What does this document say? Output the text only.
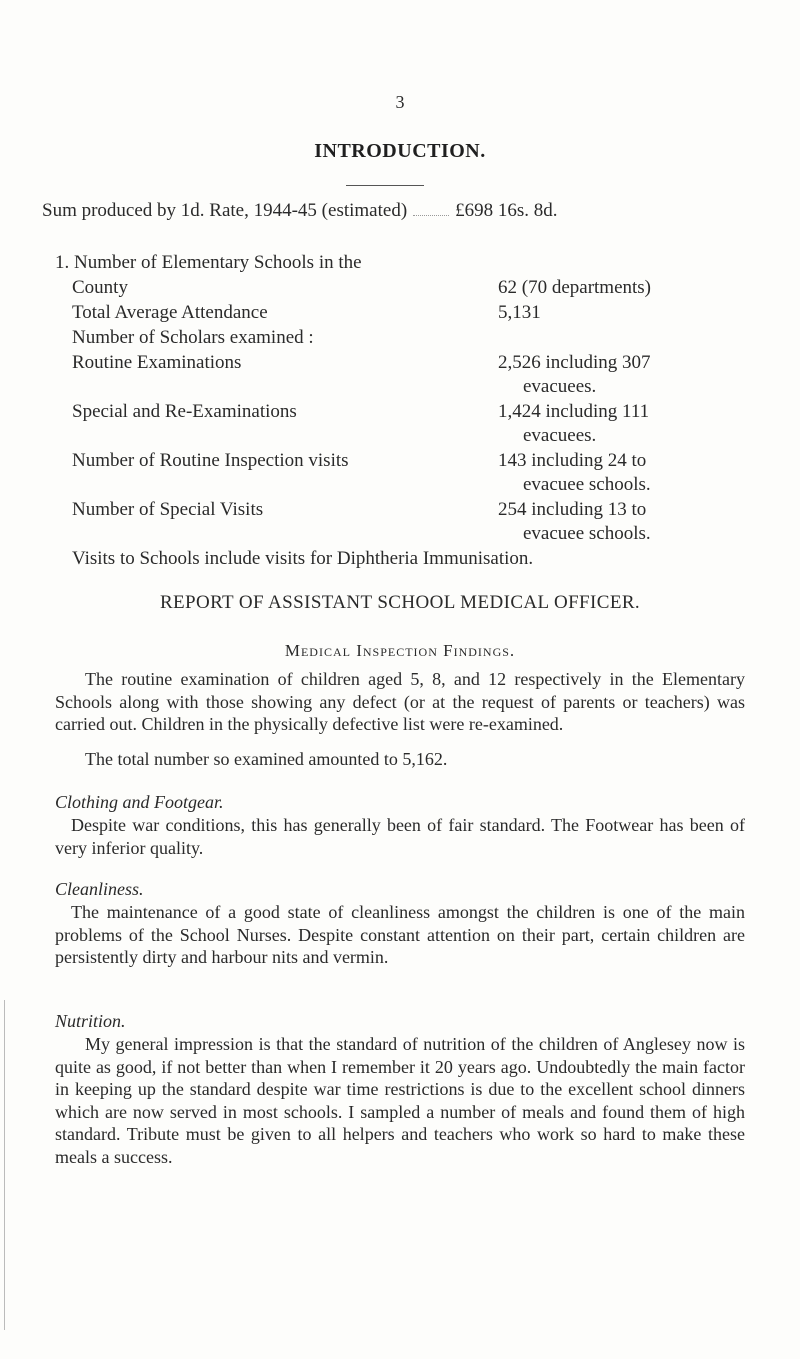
3
INTRODUCTION.
Sum produced by 1d. Rate, 1944-45 (estimated)	£698 16s. 8d.
1. Number of Elementary Schools in the
County	62 (70 departments)
Total Average Attendance	5,131
Number of Scholars examined :
Routine Examinations	2,526 including 307
evacuees.
Special and Re-Examinations	1,424 including 111
evacuees.
Number of Routine Inspection visits	143 including 24 to
evacuee schools.
Number of Special Visits	254 including 13 to
evacuee schools.
Visits to Schools include visits for Diphtheria Immunisation.
REPORT OF ASSISTANT SCHOOL MEDICAL OFFICER.
Medical Inspection Findings.
The routine examination of children aged 5, 8, and 12 respectively in the Elementary Schools along with those showing any defect (or at the request of parents or teachers) was carried out. Children in the physically defective list were re-examined.
The total number so examined amounted to 5,162.
Clothing and Footgear.
Despite war conditions, this has generally been of fair standard. The Footwear has been of very inferior quality.
Cleanliness.
The maintenance of a good state of cleanliness amongst the children is one of the main problems of the School Nurses. Despite constant attention on their part, certain children are persistently dirty and harbour nits and vermin.
Nutrition.
My general impression is that the standard of nutrition of the children of Anglesey now is quite as good, if not better than when I remember it 20 years ago. Undoubtedly the main factor in keeping up the standard despite war time restrictions is due to the excellent school dinners which are now served in most schools. I sampled a number of meals and found them of high standard. Tribute must be given to all helpers and teachers who work so hard to make these meals a success.
